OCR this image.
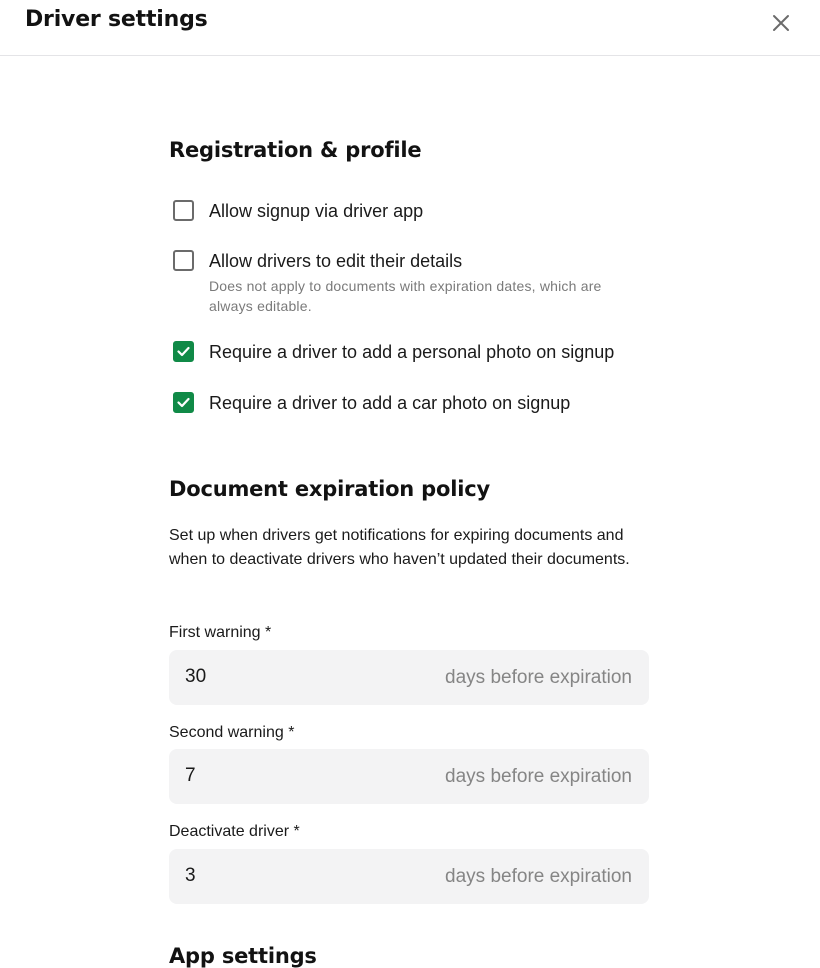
Driver settings
Registration & profile
Allow signup via driver app
Allow drivers to edit their details
Does not apply to documents with expiration dates, which are always editable.
Require a driver to add a personal photo on signup
Require a driver to add a car photo on signup
Document expiration policy
Set up when drivers get notifications for expiring documents and when to deactivate drivers who haven’t updated their documents.
First warning *
30	days before expiration
Second warning *
7	days before expiration
Deactivate driver *
3	days before expiration
App settings
